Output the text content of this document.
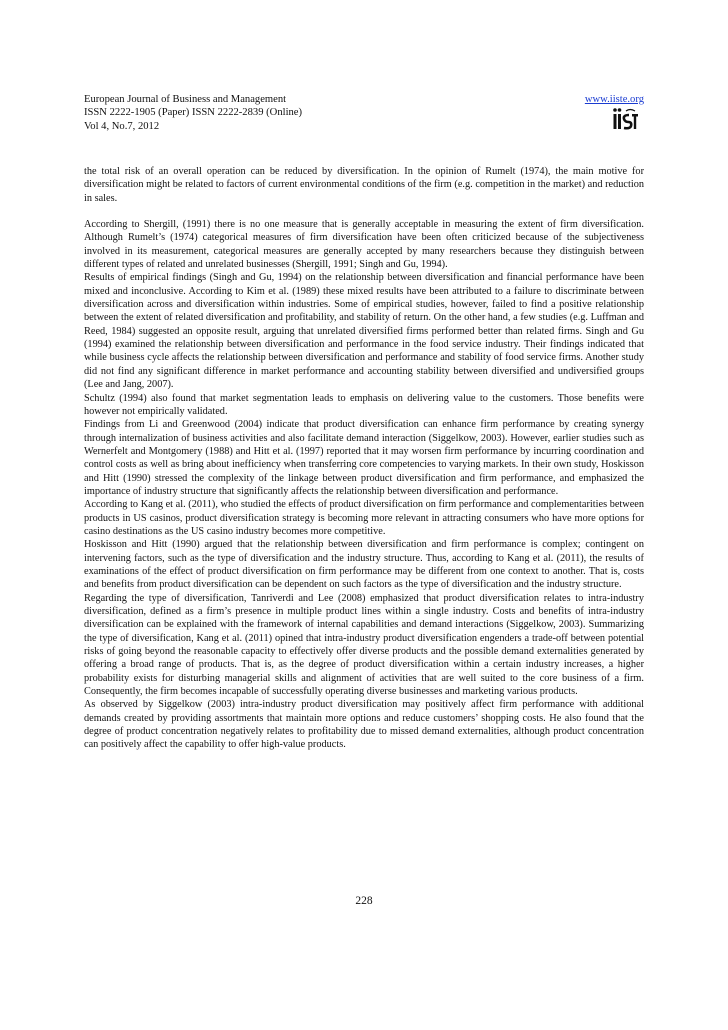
European Journal of Business and Management
ISSN 2222-1905 (Paper) ISSN 2222-2839 (Online)
Vol 4, No.7, 2012
www.iiste.org

the total risk of an overall operation can be reduced by diversification. In the opinion of Rumelt (1974), the main motive for diversification might be related to factors of current environmental conditions of the firm (e.g. competition in the market) and reduction in sales.

According to Shergill, (1991) there is no one measure that is generally acceptable in measuring the extent of firm diversification. Although Rumelt’s (1974) categorical measures of firm diversification have been often criticized because of the subjectiveness involved in its measurement, categorical measures are generally accepted by many researchers because they distinguish between different types of related and unrelated businesses (Shergill, 1991; Singh and Gu, 1994).

Results of empirical findings (Singh and Gu, 1994) on the relationship between diversification and financial performance have been mixed and inconclusive. According to Kim et al. (1989) these mixed results have been attributed to a failure to discriminate between diversification across and diversification within industries. Some of empirical studies, however, failed to find a positive relationship between the extent of related diversification and profitability, and stability of return. On the other hand, a few studies (e.g. Luffman and Reed, 1984) suggested an opposite result, arguing that unrelated diversified firms performed better than related firms. Singh and Gu (1994) examined the relationship between diversification and performance in the food service industry. Their findings indicated that while business cycle affects the relationship between diversification and performance and stability of food service firms. Another study did not find any significant difference in market performance and accounting stability between diversified and undiversified groups (Lee and Jang, 2007).

Schultz (1994) also found that market segmentation leads to emphasis on delivering value to the customers. Those benefits were however not empirically validated.

Findings from Li and Greenwood (2004) indicate that product diversification can enhance firm performance by creating synergy through internalization of business activities and also facilitate demand interaction (Siggelkow, 2003). However, earlier studies such as Wernerfelt and Montgomery (1988) and Hitt et al. (1997) reported that it may worsen firm performance by incurring coordination and control costs as well as bring about inefficiency when transferring core competencies to varying markets. In their own study, Hoskisson and Hitt (1990) stressed the complexity of the linkage between product diversification and firm performance, and emphasized the importance of industry structure that significantly affects the relationship between diversification and performance.

According to Kang et al. (2011), who studied the effects of product diversification on firm performance and complementarities between products in US casinos, product diversification strategy is becoming more relevant in attracting consumers who have more options for casino destinations as the US casino industry becomes more competitive.

Hoskisson and Hitt (1990) argued that the relationship between diversification and firm performance is complex; contingent on intervening factors, such as the type of diversification and the industry structure. Thus, according to Kang et al. (2011), the results of examinations of the effect of product diversification on firm performance may be different from one context to another. That is, costs and benefits from product diversification can be dependent on such factors as the type of diversification and the industry structure.

Regarding the type of diversification, Tanriverdi and Lee (2008) emphasized that product diversification relates to intra-industry diversification, defined as a firm’s presence in multiple product lines within a single industry. Costs and benefits of intra-industry diversification can be explained with the framework of internal capabilities and demand interactions (Siggelkow, 2003). Summarizing the type of diversification, Kang et al. (2011) opined that intra-industry product diversification engenders a trade-off between potential risks of going beyond the reasonable capacity to effectively offer diverse products and the possible demand externalities generated by offering a broad range of products. That is, as the degree of product diversification within a certain industry increases, a higher probability exists for disturbing managerial skills and alignment of activities that are well suited to the core business of a firm. Consequently, the firm becomes incapable of successfully operating diverse businesses and marketing various products.

As observed by Siggelkow (2003) intra-industry product diversification may positively affect firm performance with additional demands created by providing assortments that maintain more options and reduce customers’ shopping costs. He also found that the degree of product concentration negatively relates to profitability due to missed demand externalities, although product concentration can positively affect the capability to offer high-value products.

228
